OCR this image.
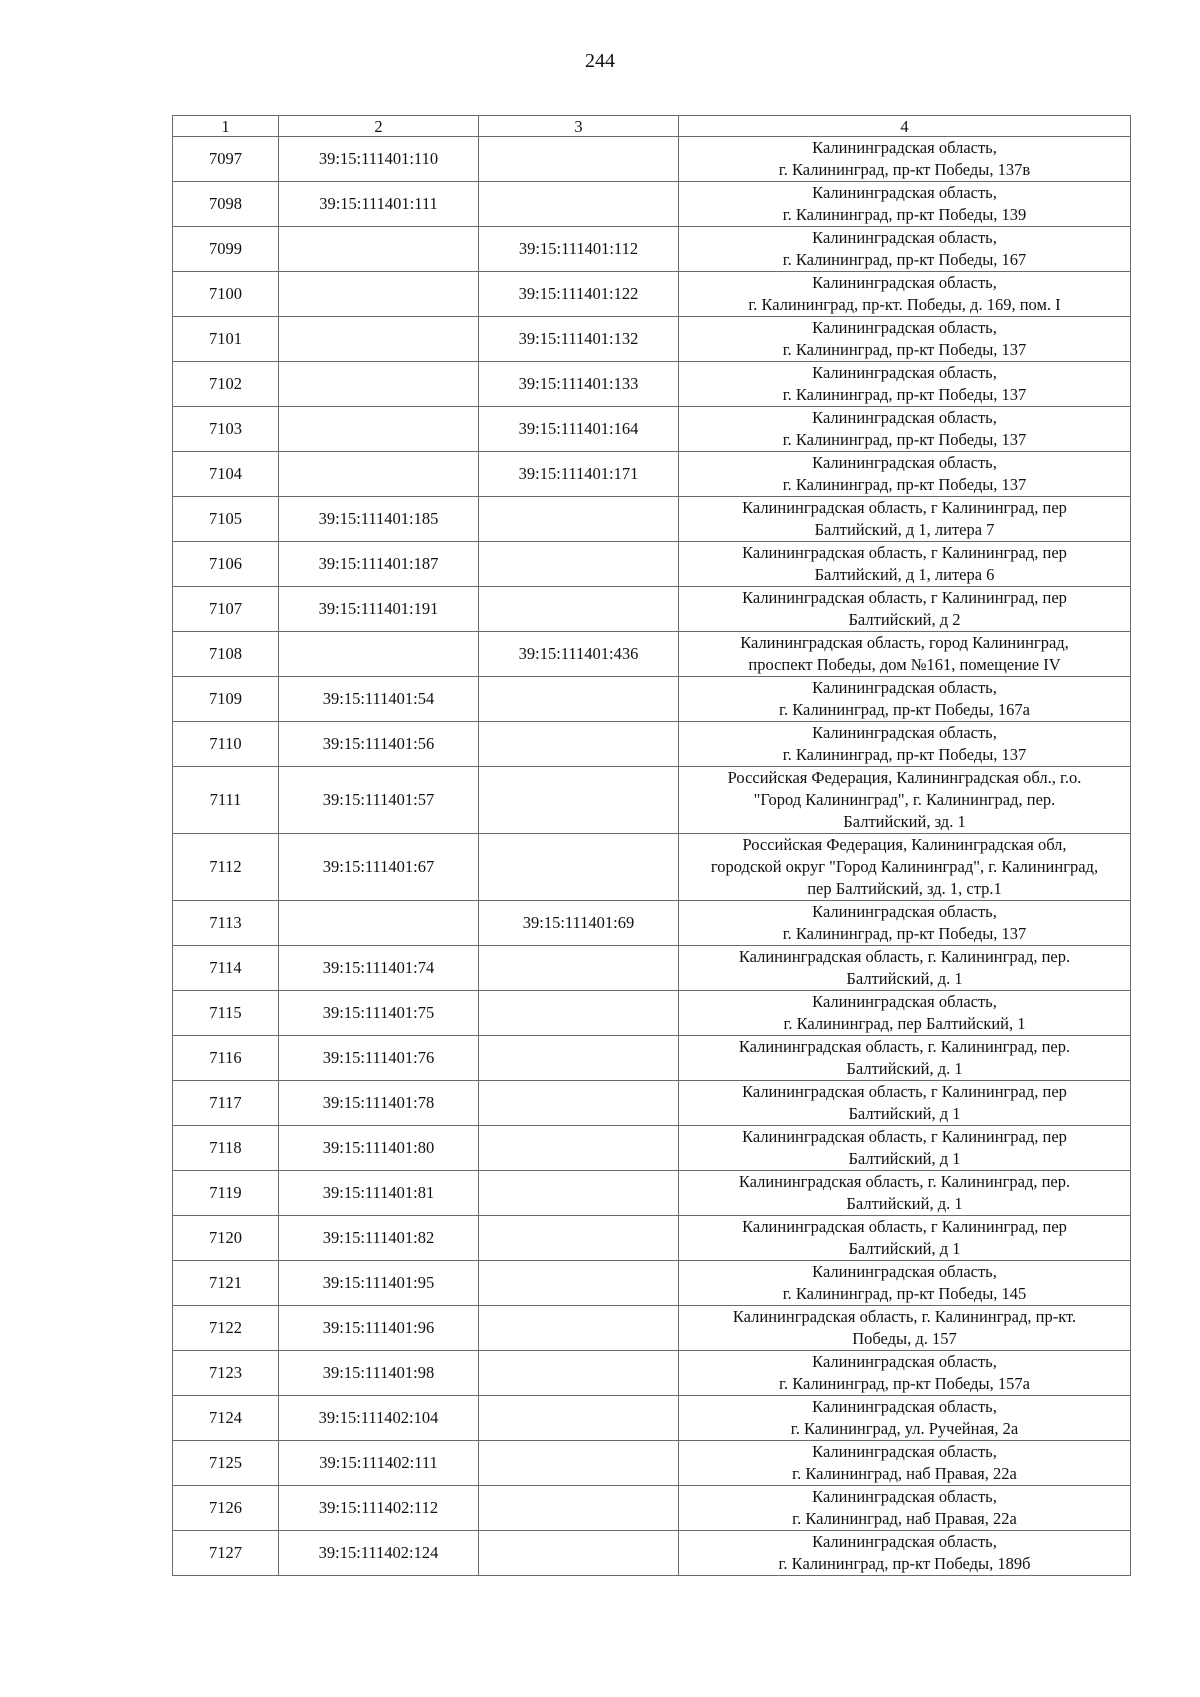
244
1	2	3	4
7097	39:15:111401:110		Калининградская область,
г. Калининград, пр-кт Победы, 137в

7098	39:15:111401:111		Калининградская область,
г. Калининград, пр-кт Победы, 139

7099		39:15:111401:112	Калининградская область,
г. Калининград, пр-кт Победы, 167

7100		39:15:111401:122	Калининградская область,
г. Калининград, пр-кт. Победы, д. 169, пом. I

7101		39:15:111401:132	Калининградская область,
г. Калининград, пр-кт Победы, 137

7102		39:15:111401:133	Калининградская область,
г. Калининград, пр-кт Победы, 137

7103		39:15:111401:164	Калининградская область,
г. Калининград, пр-кт Победы, 137

7104		39:15:111401:171	Калининградская область,
г. Калининград, пр-кт Победы, 137

7105	39:15:111401:185		Калининградская область, г Калининград, пер
Балтийский, д 1, литера 7

7106	39:15:111401:187		Калининградская область, г Калининград, пер
Балтийский, д 1, литера 6

7107	39:15:111401:191		Калининградская область, г Калининград, пер
Балтийский, д 2

7108		39:15:111401:436	Калининградская область, город Калининград,
проспект Победы, дом №161, помещение IV

7109	39:15:111401:54		Калининградская область,
г. Калининград, пр-кт Победы, 167а

7110	39:15:111401:56		Калининградская область,
г. Калининград, пр-кт Победы, 137

7111	39:15:111401:57		Российская Федерация, Калининградская обл., г.о.
"Город Калининград", г. Калининград, пер.
Балтийский, зд. 1

7112	39:15:111401:67		Российская Федерация, Калининградская обл,
городской округ "Город Калининград", г. Калининград,
пер Балтийский, зд. 1, стр.1

7113		39:15:111401:69	Калининградская область,
г. Калининград, пр-кт Победы, 137

7114	39:15:111401:74		Калининградская область, г. Калининград, пер.
Балтийский, д. 1

7115	39:15:111401:75		Калининградская область,
г. Калининград, пер Балтийский, 1

7116	39:15:111401:76		Калининградская область, г. Калининград, пер.
Балтийский, д. 1

7117	39:15:111401:78		Калининградская область, г Калининград, пер
Балтийский, д 1

7118	39:15:111401:80		Калининградская область, г Калининград, пер
Балтийский, д 1

7119	39:15:111401:81		Калининградская область, г. Калининград, пер.
Балтийский, д. 1

7120	39:15:111401:82		Калининградская область, г Калининград, пер
Балтийский, д 1

7121	39:15:111401:95		Калининградская область,
г. Калининград, пр-кт Победы, 145

7122	39:15:111401:96		Калининградская область, г. Калининград, пр-кт.
Победы, д. 157

7123	39:15:111401:98		Калининградская область,
г. Калининград, пр-кт Победы, 157а

7124	39:15:111402:104		Калининградская область,
г. Калининград, ул. Ручейная, 2а

7125	39:15:111402:111		Калининградская область,
г. Калининград, наб Правая, 22а

7126	39:15:111402:112		Калининградская область,
г. Калининград, наб Правая, 22а

7127	39:15:111402:124		Калининградская область,
г. Калининград, пр-кт Победы, 189б
